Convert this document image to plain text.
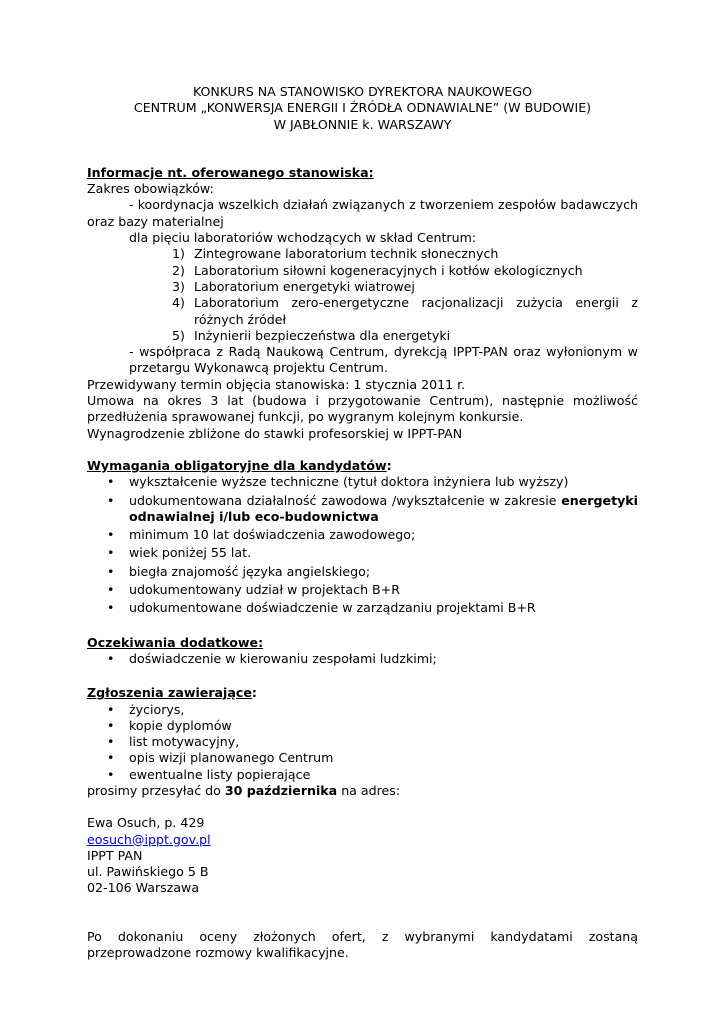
KONKURS NA STANOWISKO DYREKTORA NAUKOWEGO

CENTRUM „KONWERSJA ENERGII I ŹRÓDŁA ODNAWIALNE” (W BUDOWIE)

W JABŁONNIE k. WARSZAWY

Informacje nt. oferowanego stanowiska:

Zakres obowiązków:

- koordynacja wszelkich działań związanych z tworzeniem zespołów badawczych oraz bazy materialnej

dla pięciu laboratoriów wchodzących w skład Centrum:

1) Zintegrowane laboratorium technik słonecznych
2) Laboratorium siłowni kogeneracyjnych i kotłów ekologicznych
3) Laboratorium energetyki wiatrowej
4) Laboratorium zero-energetyczne racjonalizacji zużycia energii z różnych źródeł
5) Inżynierii bezpieczeństwa dla energetyki

- współpraca z Radą Naukową Centrum, dyrekcją IPPT-PAN oraz wyłonionym w przetargu Wykonawcą projektu Centrum.

Przewidywany termin objęcia stanowiska: 1 stycznia 2011 r.

Umowa na okres 3 lat (budowa i przygotowanie Centrum), następnie możliwość przedłużenia sprawowanej funkcji, po wygranym kolejnym konkursie.

Wynagrodzenie zbliżone do stawki profesorskiej w IPPT-PAN

Wymagania obligatoryjne dla kandydatów:

• wykształcenie wyższe techniczne (tytuł doktora inżyniera lub wyższy)
• udokumentowana działalność zawodowa /wykształcenie w zakresie energetyki odnawialnej i/lub eco-budownictwa
• minimum 10 lat doświadczenia zawodowego;
• wiek poniżej 55 lat.
• biegła znajomość języka angielskiego;
• udokumentowany udział w projektach B+R
• udokumentowane doświadczenie w zarządzaniu projektami B+R

Oczekiwania dodatkowe:

• doświadczenie w kierowaniu zespołami ludzkimi;

Zgłoszenia zawierające:

• życiorys,
• kopie dyplomów
• list motywacyjny,
• opis wizji planowanego Centrum
• ewentualne listy popierające

prosimy przesyłać do 30 października na adres:

Ewa Osuch, p. 429

eosuch@ippt.gov.pl

IPPT PAN

ul. Pawińskiego 5 B

02-106 Warszawa

Po dokonaniu oceny złożonych ofert, z wybranymi kandydatami zostaną przeprowadzone rozmowy kwalifikacyjne.
